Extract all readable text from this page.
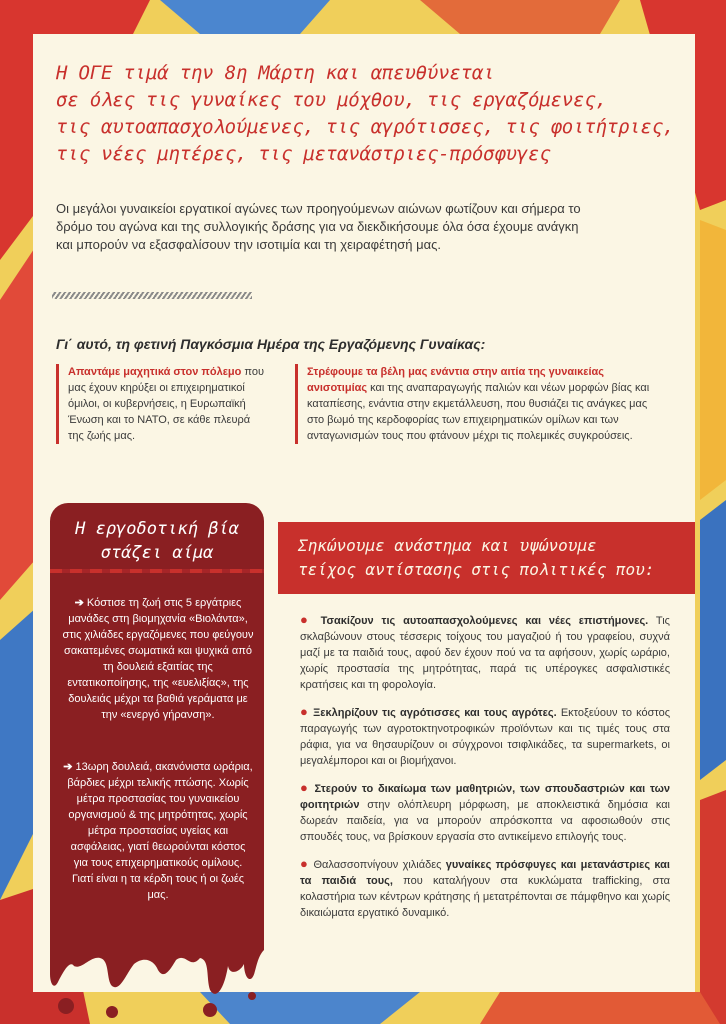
Η ΟΓΕ τιμά την 8η Μάρτη και απευθύνεται
σε όλες τις γυναίκες του μόχθου, τις εργαζόμενες,
τις αυτοαπασχολούμενες, τις αγρότισσες, τις φοιτήτριες,
τις νέες μητέρες, τις μετανάστριες-πρόσφυγες

Οι μεγάλοι γυναικείοι εργατικοί αγώνες των προηγούμενων αιώνων φωτίζουν και σήμερα το δρόμο του αγώνα και της συλλογικής δράσης για να διεκδικήσουμε όλα όσα έχουμε ανάγκη και μπορούν να εξασφαλίσουν την ισοτιμία και τη χειραφέτησή μας.

Γι΄ αυτό, τη φετινή Παγκόσμια Ημέρα της Εργαζόμενης Γυναίκας:

Απαντάμε μαχητικά στον πόλεμο που μας έχουν κηρύξει οι επιχειρηματικοί όμιλοι, οι κυβερνήσεις, η Ευρωπαϊκή Ένωση και το ΝΑΤΟ, σε κάθε πλευρά της ζωής μας.

Στρέφουμε τα βέλη μας ενάντια στην αιτία της γυναικείας ανισοτιμίας και της αναπαραγωγής παλιών και νέων μορφών βίας και καταπίεσης, ενάντια στην εκμετάλλευση, που θυσιάζει τις ανάγκες μας στο βωμό της κερδοφορίας των επιχειρηματικών ομίλων και των ανταγωνισμών τους που φτάνουν μέχρι τις πολεμικές συγκρούσεις.

Η εργοδοτική βία
στάζει αίμα

➔ Κόστισε τη ζωή στις 5 εργάτριες μανάδες στη βιομηχανία «Βιολάντα», στις χιλιάδες εργαζόμενες που φεύγουν σακατεμένες σωματικά και ψυχικά από τη δουλειά εξαιτίας της εντατικοποίησης, της «ευελιξίας», της δουλειάς μέχρι τα βαθιά γεράματα με την «ενεργό γήρανση».

➔ 13ωρη δουλειά, ακανόνιστα ωράρια, βάρδιες μέχρι τελικής πτώσης. Χωρίς μέτρα προστασίας του γυναικείου οργανισμού & της μητρότητας, χωρίς μέτρα προστασίας υγείας και ασφάλειας, γιατί θεωρούνται κόστος για τους επιχειρηματικούς ομίλους. Γιατί είναι η τα κέρδη τους ή οι ζωές μας.

Σηκώνουμε ανάστημα και υψώνουμε
τείχος αντίστασης στις πολιτικές που:

● Τσακίζουν τις αυτοαπασχολούμενες και νέες επιστήμονες. Τις σκλαβώνουν στους τέσσερις τοίχους του μαγαζιού ή του γραφείου, συχνά μαζί με τα παιδιά τους, αφού δεν έχουν πού να τα αφήσουν, χωρίς ωράριο, χωρίς προστασία της μητρότητας, παρά τις υπέρογκες ασφαλιστικές κρατήσεις και τη φορολογία.

● Ξεκληρίζουν τις αγρότισσες και τους αγρότες. Εκτοξεύουν το κόστος παραγωγής των αγροτοκτηνοτροφικών προϊόντων και τις τιμές τους στα ράφια, για να θησαυρίζουν οι σύγχρονοι τσιφλικάδες, τα supermarkets, οι μεγαλέμποροι και οι βιομήχανοι.

● Στερούν το δικαίωμα των μαθητριών, των σπουδαστριών και των φοιτητριών στην ολόπλευρη μόρφωση, με αποκλειστικά δημόσια και δωρεάν παιδεία, για να μπορούν απρόσκοπτα να αφοσιωθούν στις σπουδές τους, να βρίσκουν εργασία στο αντικείμενο επιλογής τους.

● Θαλασσοπνίγουν χιλιάδες γυναίκες πρόσφυγες και μετανάστριες και τα παιδιά τους, που καταλήγουν στα κυκλώματα trafficking, στα κολαστήρια των κέντρων κράτησης ή μετατρέπονται σε πάμφθηνο και χωρίς δικαιώματα εργατικό δυναμικό.
